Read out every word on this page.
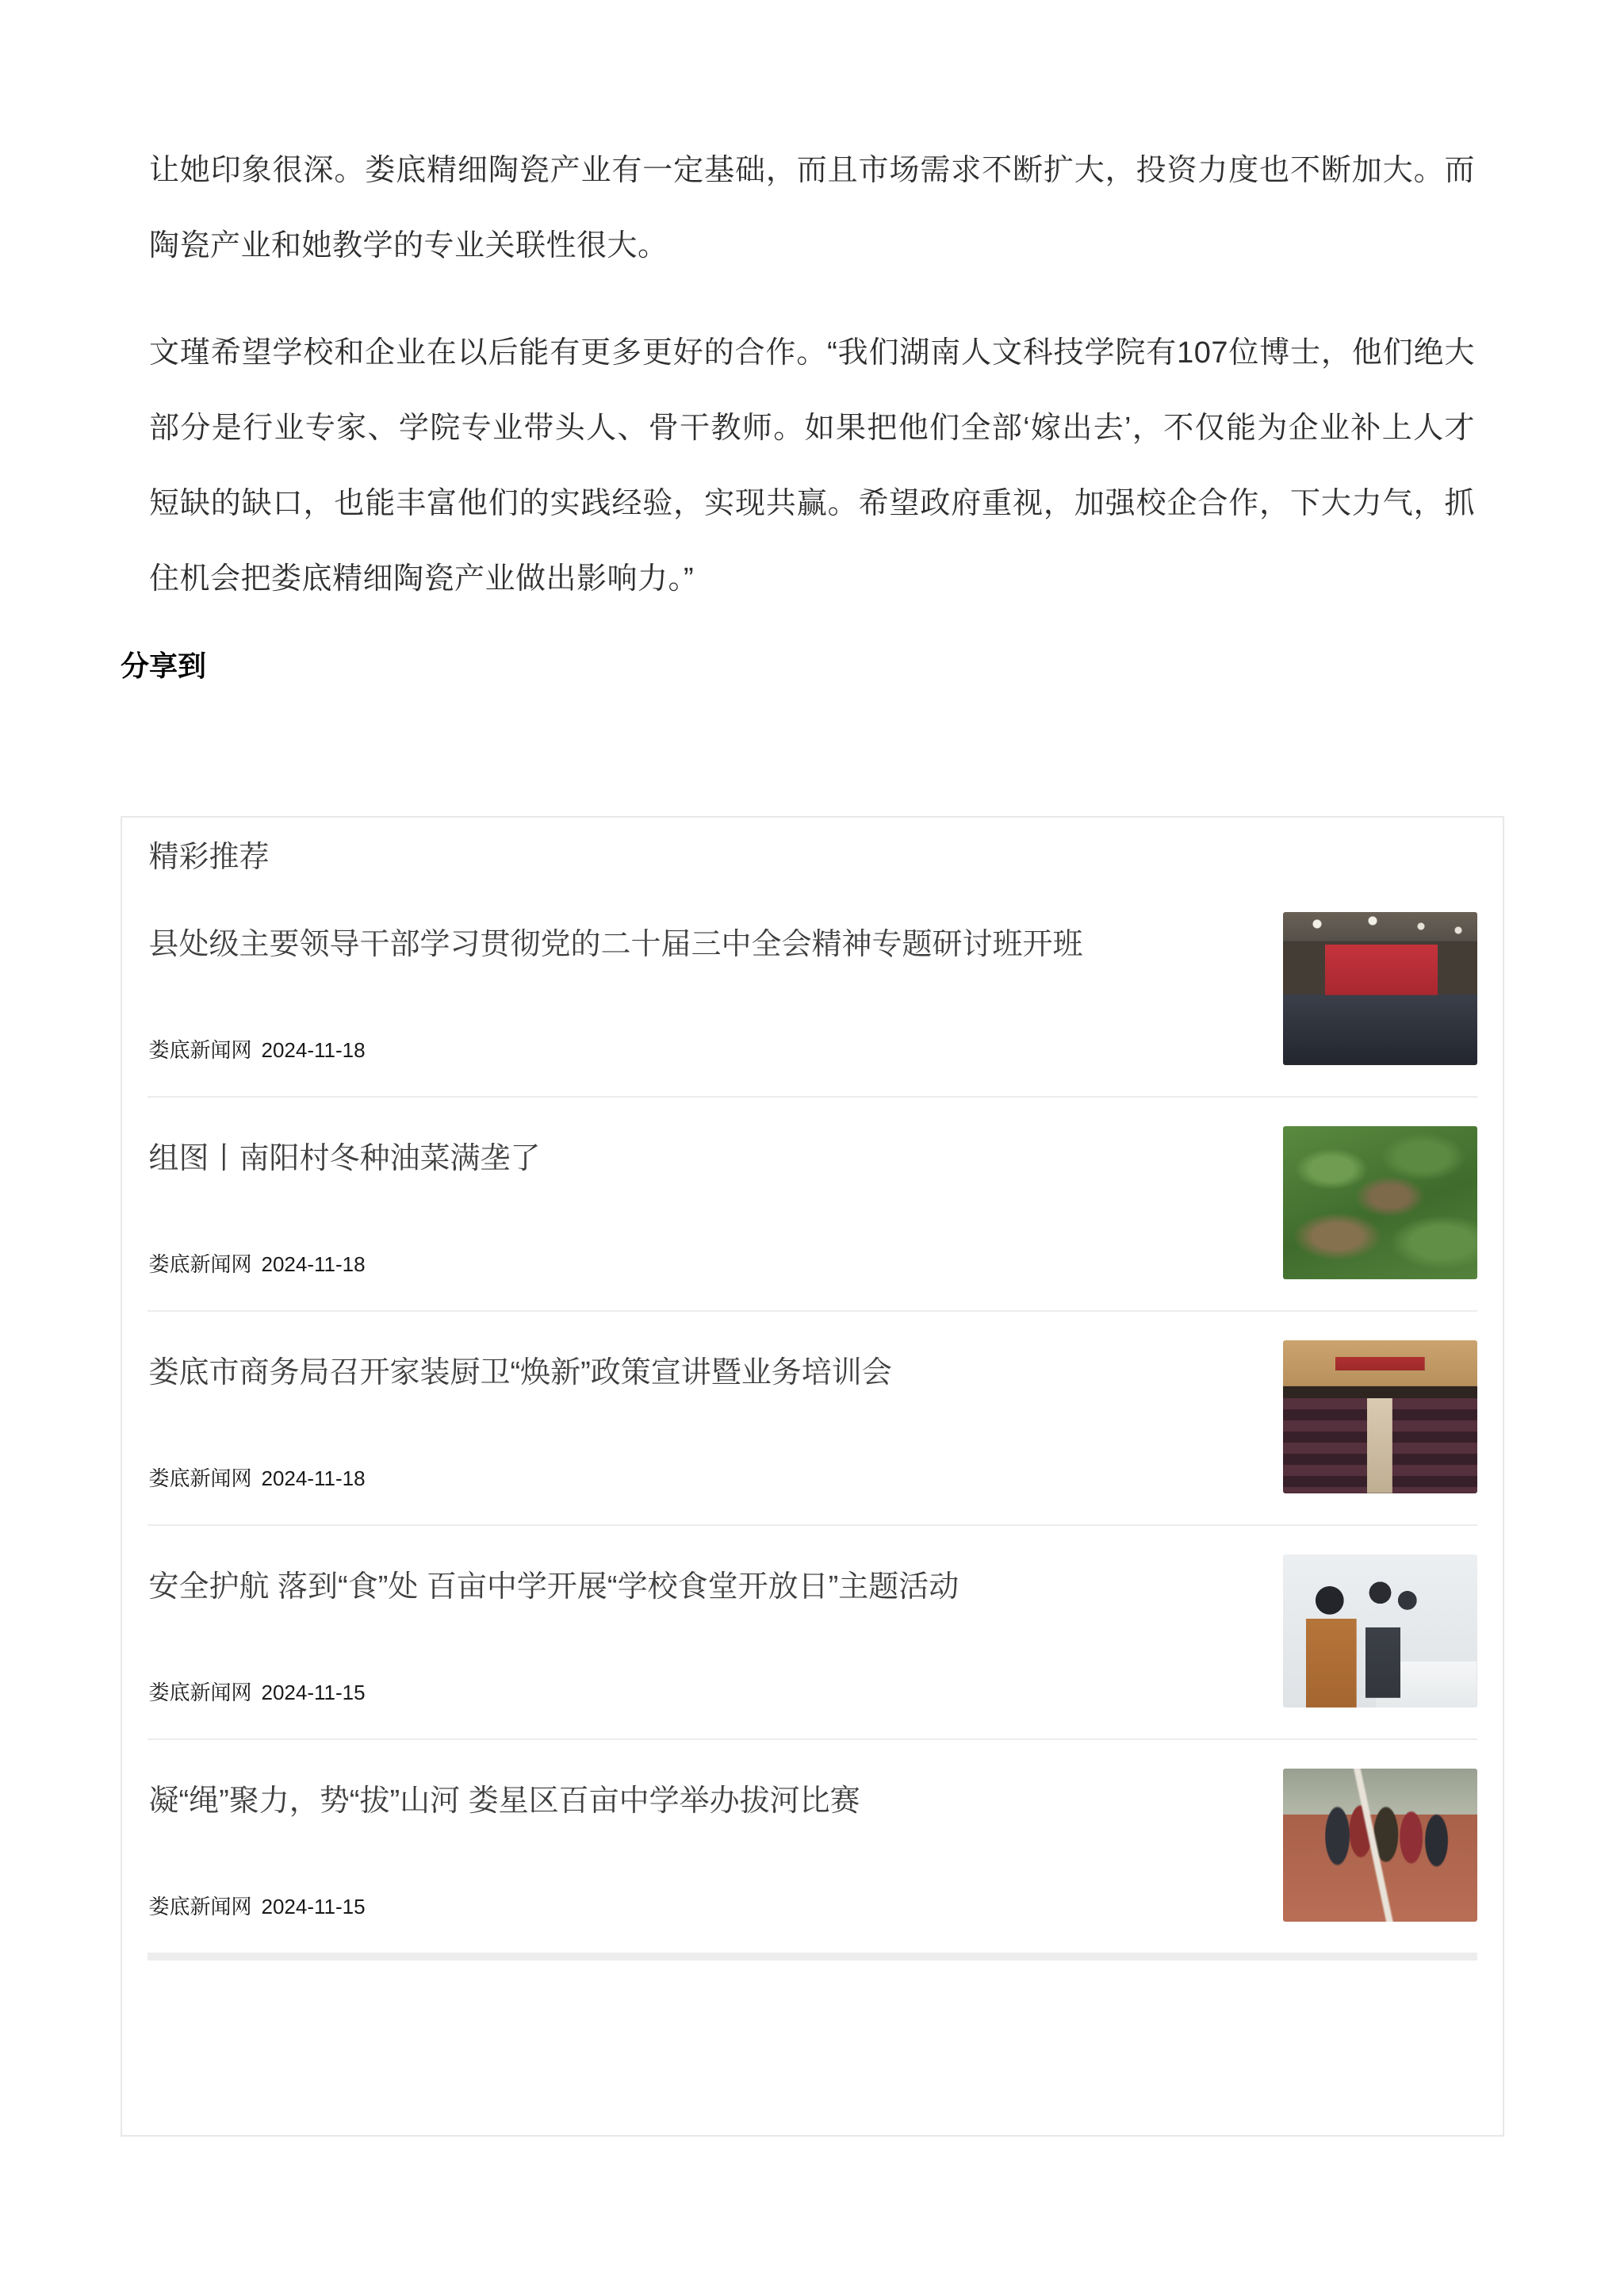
让她印象很深。娄底精细陶瓷产业有一定基础，而且市场需求不断扩大，投资力度也不断加大。而陶瓷产业和她教学的专业关联性很大。

文瑾希望学校和企业在以后能有更多更好的合作。“我们湖南人文科技学院有107位博士，他们绝大部分是行业专家、学院专业带头人、骨干教师。如果把他们全部‘嫁出去’，不仅能为企业补上人才短缺的缺口，也能丰富他们的实践经验，实现共赢。希望政府重视，加强校企合作，下大力气，抓住机会把娄底精细陶瓷产业做出影响力。”

分享到
精彩推荐
县处级主要领导干部学习贯彻党的二十届三中全会精神专题研讨班开班
娄底新闻网 2024-11-18
组图丨南阳村冬种油菜满垄了
娄底新闻网 2024-11-18
娄底市商务局召开家装厨卫“焕新”政策宣讲暨业务培训会
娄底新闻网 2024-11-18
安全护航 落到“食”处 百亩中学开展“学校食堂开放日”主题活动
娄底新闻网 2024-11-15
凝“绳”聚力，势“拔”山河 娄星区百亩中学举办拔河比赛
娄底新闻网 2024-11-15
